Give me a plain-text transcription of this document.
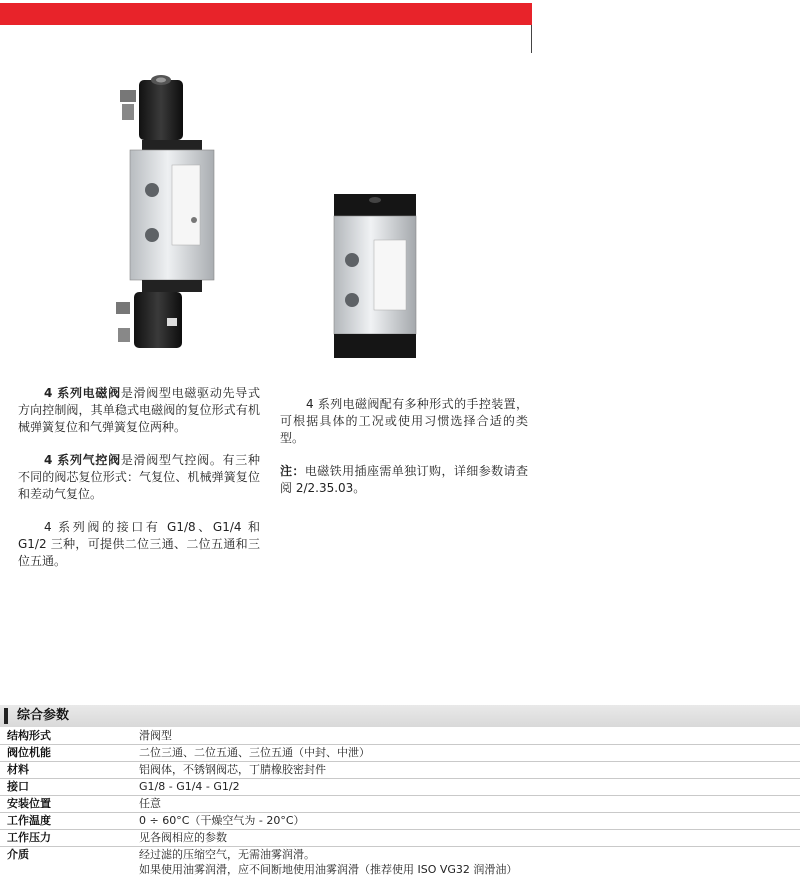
4 系列电磁阀是滑阀型电磁驱动先导式方向控制阀，其单稳式电磁阀的复位形式有机械弹簧复位和气弹簧复位两种。

4 系列气控阀是滑阀型气控阀。有三种不同的阀芯复位形式：气复位、机械弹簧复位和差动气复位。

4 系列阀的接口有 G1/8、G1/4 和 G1/2 三种，可提供二位三通、二位五通和三位五通。

4 系列电磁阀配有多种形式的手控装置，可根据具体的工况或使用习惯选择合适的类型。

注：电磁铁用插座需单独订购，详细参数请查阅 2/2.35.03。

综合参数
结构形式	滑阀型
阀位机能	二位三通、二位五通、三位五通（中封、中泄）
材料	铝阀体，不锈钢阀芯，丁腈橡胶密封件
接口	G1/8 - G1/4 - G1/2
安装位置	任意
工作温度	0 ÷ 60°C（干燥空气为 - 20°C）
工作压力	见各阀相应的参数
介质	经过滤的压缩空气，无需油雾润滑。
如果使用油雾润滑，应不间断地使用油雾润滑（推荐使用 ISO VG32 润滑油）
